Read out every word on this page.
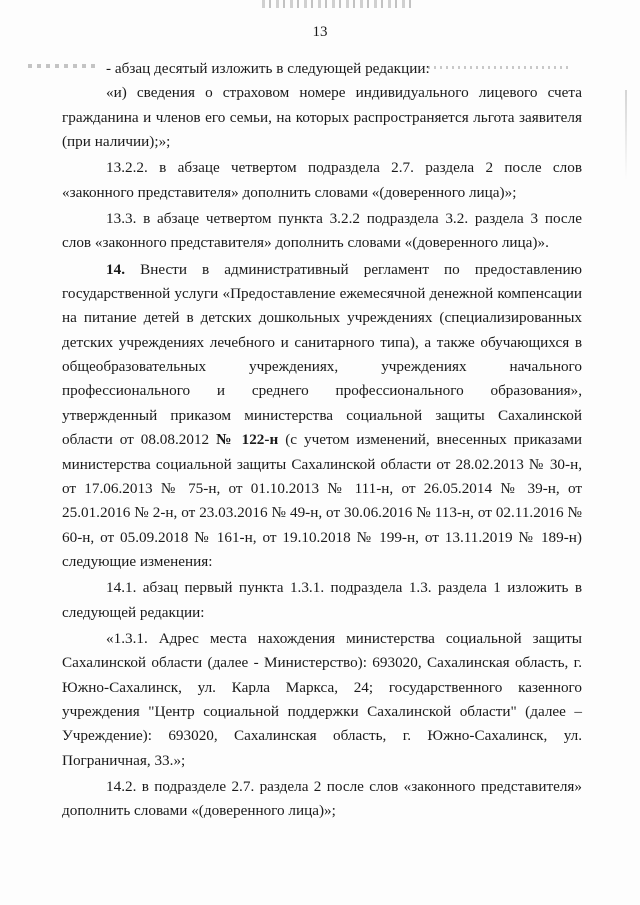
13

- абзац десятый изложить в следующей редакции:

«и) сведения о страховом номере индивидуального лицевого счета гражданина и членов его семьи, на которых распространяется льгота заявителя (при наличии);»;

13.2.2. в абзаце четвертом подраздела 2.7. раздела 2 после слов «законного представителя» дополнить словами «(доверенного лица)»;

13.3. в абзаце четвертом пункта 3.2.2 подраздела 3.2. раздела 3 после слов «законного представителя» дополнить словами «(доверенного лица)».

14. Внести в административный регламент по предоставлению государственной услуги «Предоставление ежемесячной денежной компенсации на питание детей в детских дошкольных учреждениях (специализированных детских учреждениях лечебного и санитарного типа), а также обучающихся в общеобразовательных учреждениях, учреждениях начального профессионального и среднего профессионального образования», утвержденный приказом министерства социальной защиты Сахалинской области от 08.08.2012 № 122-н (с учетом изменений, внесенных приказами министерства социальной защиты Сахалинской области от 28.02.2013 № 30-н, от 17.06.2013 № 75-н, от 01.10.2013 № 111-н, от 26.05.2014 № 39-н, от 25.01.2016 № 2-н, от 23.03.2016 № 49-н, от 30.06.2016 № 113-н, от 02.11.2016 № 60-н, от 05.09.2018 № 161-н, от 19.10.2018 № 199-н, от 13.11.2019 № 189-н) следующие изменения:

14.1. абзац первый пункта 1.3.1. подраздела 1.3. раздела 1 изложить в следующей редакции:

«1.3.1. Адрес места нахождения министерства социальной защиты Сахалинской области (далее - Министерство): 693020, Сахалинская область, г. Южно-Сахалинск, ул. Карла Маркса, 24; государственного казенного учреждения "Центр социальной поддержки Сахалинской области" (далее – Учреждение): 693020, Сахалинская область, г. Южно-Сахалинск, ул. Пограничная, 33.»;

14.2. в подразделе 2.7. раздела 2 после слов «законного представителя» дополнить словами «(доверенного лица)»;
